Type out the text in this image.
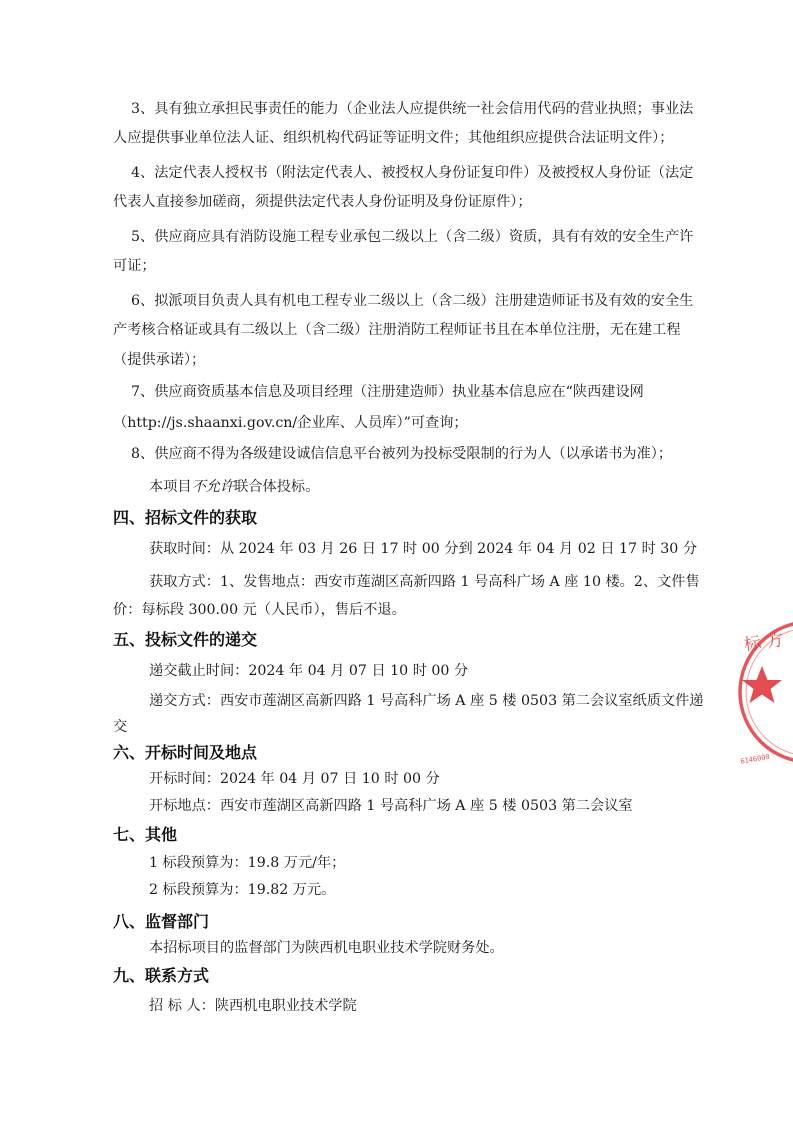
3、具有独立承担民事责任的能力（企业法人应提供统一社会信用代码的营业执照；事业法
人应提供事业单位法人证、组织机构代码证等证明文件；其他组织应提供合法证明文件）；
4、法定代表人授权书（附法定代表人、被授权人身份证复印件）及被授权人身份证（法定
代表人直接参加磋商，须提供法定代表人身份证明及身份证原件）；
5、供应商应具有消防设施工程专业承包二级以上（含二级）资质，具有有效的安全生产许
可证；
6、拟派项目负责人具有机电工程专业二级以上（含二级）注册建造师证书及有效的安全生
产考核合格证或具有二级以上（含二级）注册消防工程师证书且在本单位注册，无在建工程
（提供承诺）；
7、供应商资质基本信息及项目经理（注册建造师）执业基本信息应在“陕西建设网
（http://js.shaanxi.gov.cn/企业库、人员库）”可查询；
8、供应商不得为各级建设诚信信息平台被列为投标受限制的行为人（以承诺书为准）；
本项目不允许联合体投标。
四、招标文件的获取
获取时间：从 2024 年 03 月 26 日 17 时 00 分到 2024 年 04 月 02 日 17 时 30 分
获取方式：1、发售地点：西安市莲湖区高新四路 1 号高科广场 A 座 10 楼。2、文件售
价：每标段 300.00 元（人民币），售后不退。
五、投标文件的递交
递交截止时间：2024 年 04 月 07 日 10 时 00 分
递交方式：西安市莲湖区高新四路 1 号高科广场 A 座 5 楼 0503 第二会议室纸质文件递
交
六、开标时间及地点
开标时间：2024 年 04 月 07 日 10 时 00 分
开标地点：西安市莲湖区高新四路 1 号高科广场 A 座 5 楼 0503 第二会议室
七、其他
1 标段预算为：19.8 万元/年；
2 标段预算为：19.82 万元。
八、监督部门
本招标项目的监督部门为陕西机电职业技术学院财务处。
九、联系方式
招 标 人：陕西机电职业技术学院
标 方
6146000
